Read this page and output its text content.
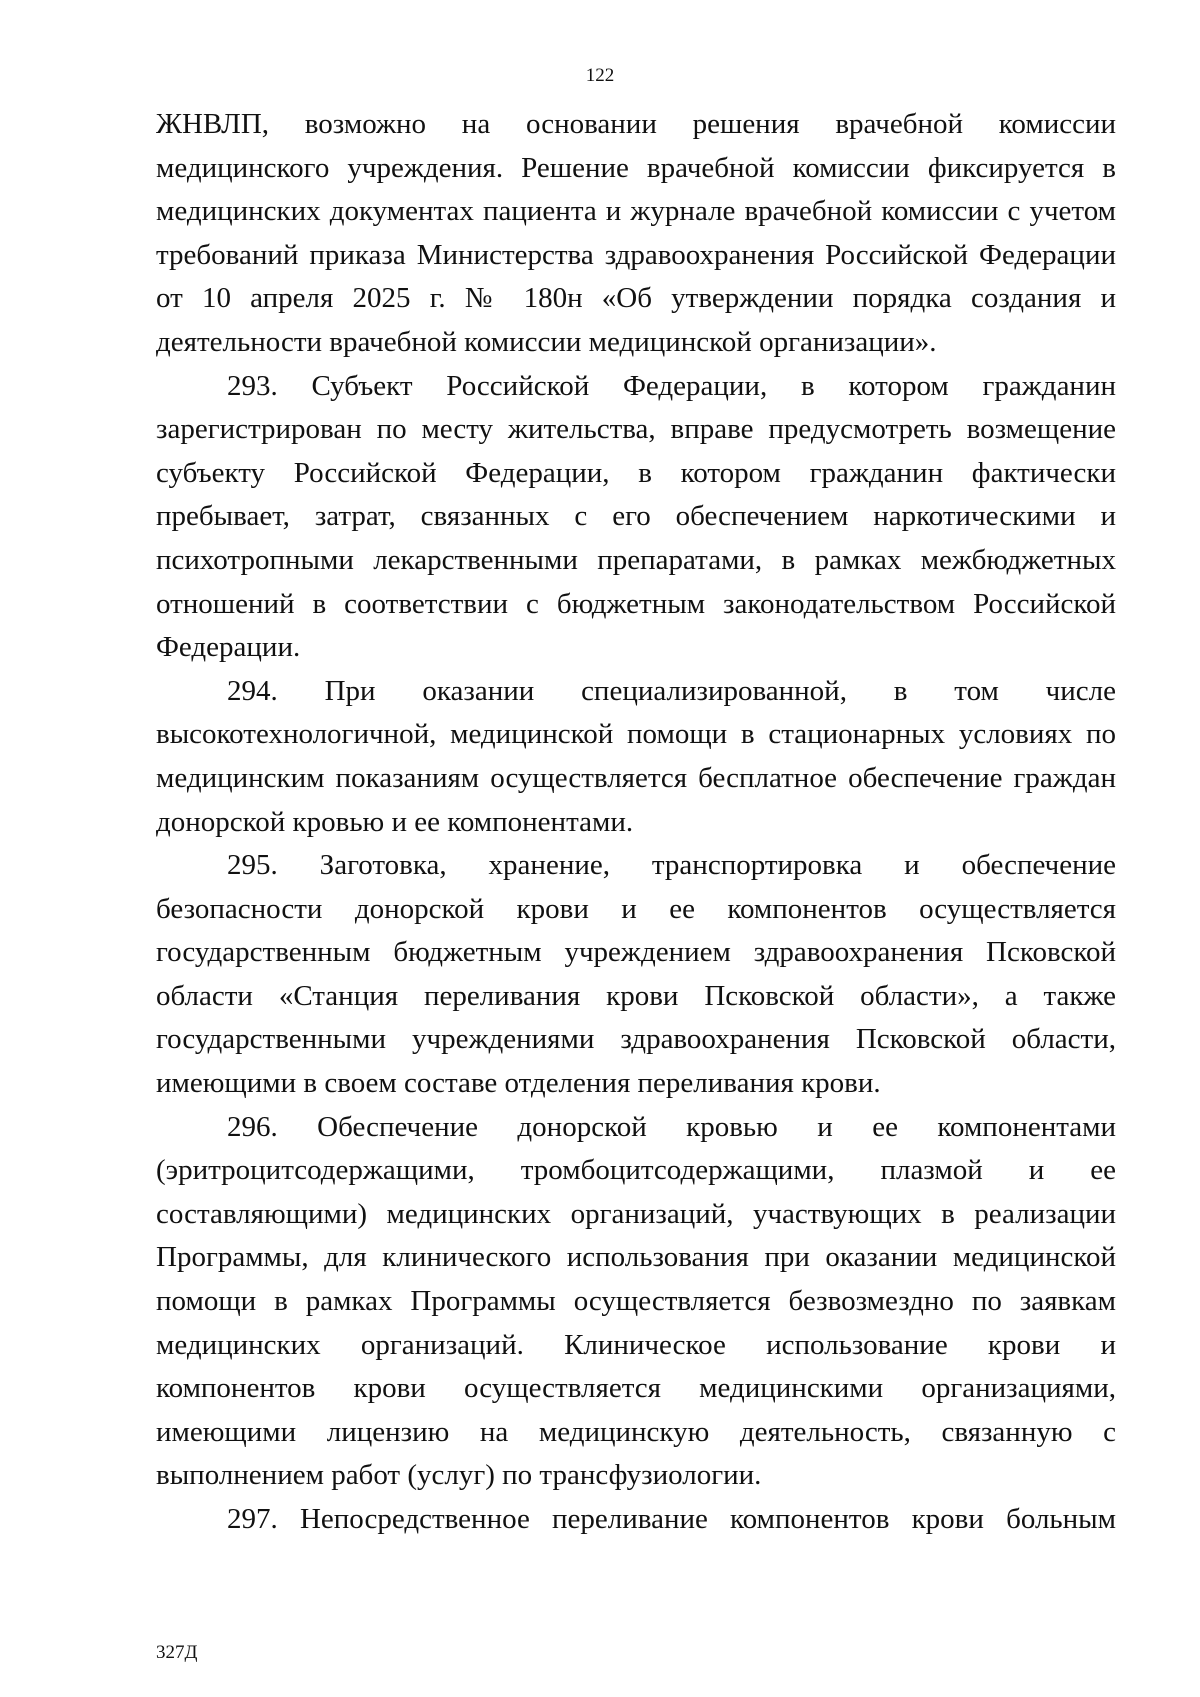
122

ЖНВЛП, возможно на основании решения врачебной комиссии медицинского учреждения. Решение врачебной комиссии фиксируется в медицинских документах пациента и журнале врачебной комиссии с учетом требований приказа Министерства здравоохранения Российской Федерации от 10 апреля 2025 г. № 180н «Об утверждении порядка создания и деятельности врачебной комиссии медицинской организации».

293. Субъект Российской Федерации, в котором гражданин зарегистрирован по месту жительства, вправе предусмотреть возмещение субъекту Российской Федерации, в котором гражданин фактически пребывает, затрат, связанных с его обеспечением наркотическими и психотропными лекарственными препаратами, в рамках межбюджетных отношений в соответствии с бюджетным законодательством Российской Федерации.

294. При оказании специализированной, в том числе высокотехнологичной, медицинской помощи в стационарных условиях по медицинским показаниям осуществляется бесплатное обеспечение граждан донорской кровью и ее компонентами.

295. Заготовка, хранение, транспортировка и обеспечение безопасности донорской крови и ее компонентов осуществляется государственным бюджетным учреждением здравоохранения Псковской области «Станция переливания крови Псковской области», а также государственными учреждениями здравоохранения Псковской области, имеющими в своем составе отделения переливания крови.

296. Обеспечение донорской кровью и ее компонентами (эритроцитсодержащими, тромбоцитсодержащими, плазмой и ее составляющими) медицинских организаций, участвующих в реализации Программы, для клинического использования при оказании медицинской помощи в рамках Программы осуществляется безвозмездно по заявкам медицинских организаций. Клиническое использование крови и компонентов крови осуществляется медицинскими организациями, имеющими лицензию на медицинскую деятельность, связанную с выполнением работ (услуг) по трансфузиологии.

297. Непосредственное переливание компонентов крови больным

327Д
